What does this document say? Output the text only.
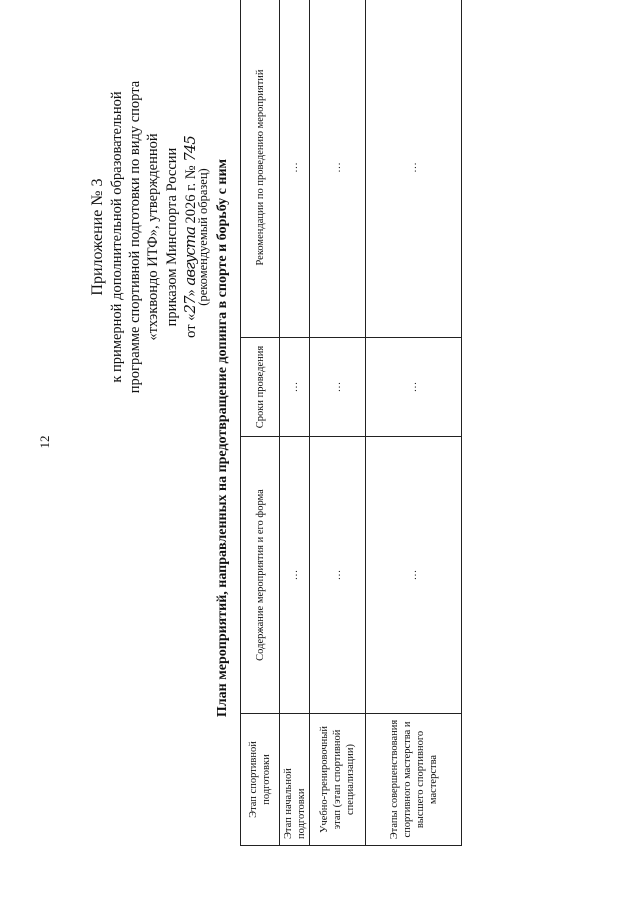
12
Приложение № 3 к примерной дополнительной образовательной программе спортивной подготовки по виду спорта «тхэквондо ИТФ», утвержденной приказом Минспорта России от «27» августа 2026 г. № 745
(рекомендуемый образец) План мероприятий, направленных на предотвращение допинга в спорте и борьбу с ним
Этап спортивной подготовки	Содержание мероприятия и его форма	Сроки проведения	Рекомендации по проведению мероприятий
Этап начальной подготовки	…	…	…
Учебно-тренировочный этап (этап спортивной специализации)	…	…	…
Этапы совершенствования спортивного мастерства и высшего спортивного мастерства	…	…	…
